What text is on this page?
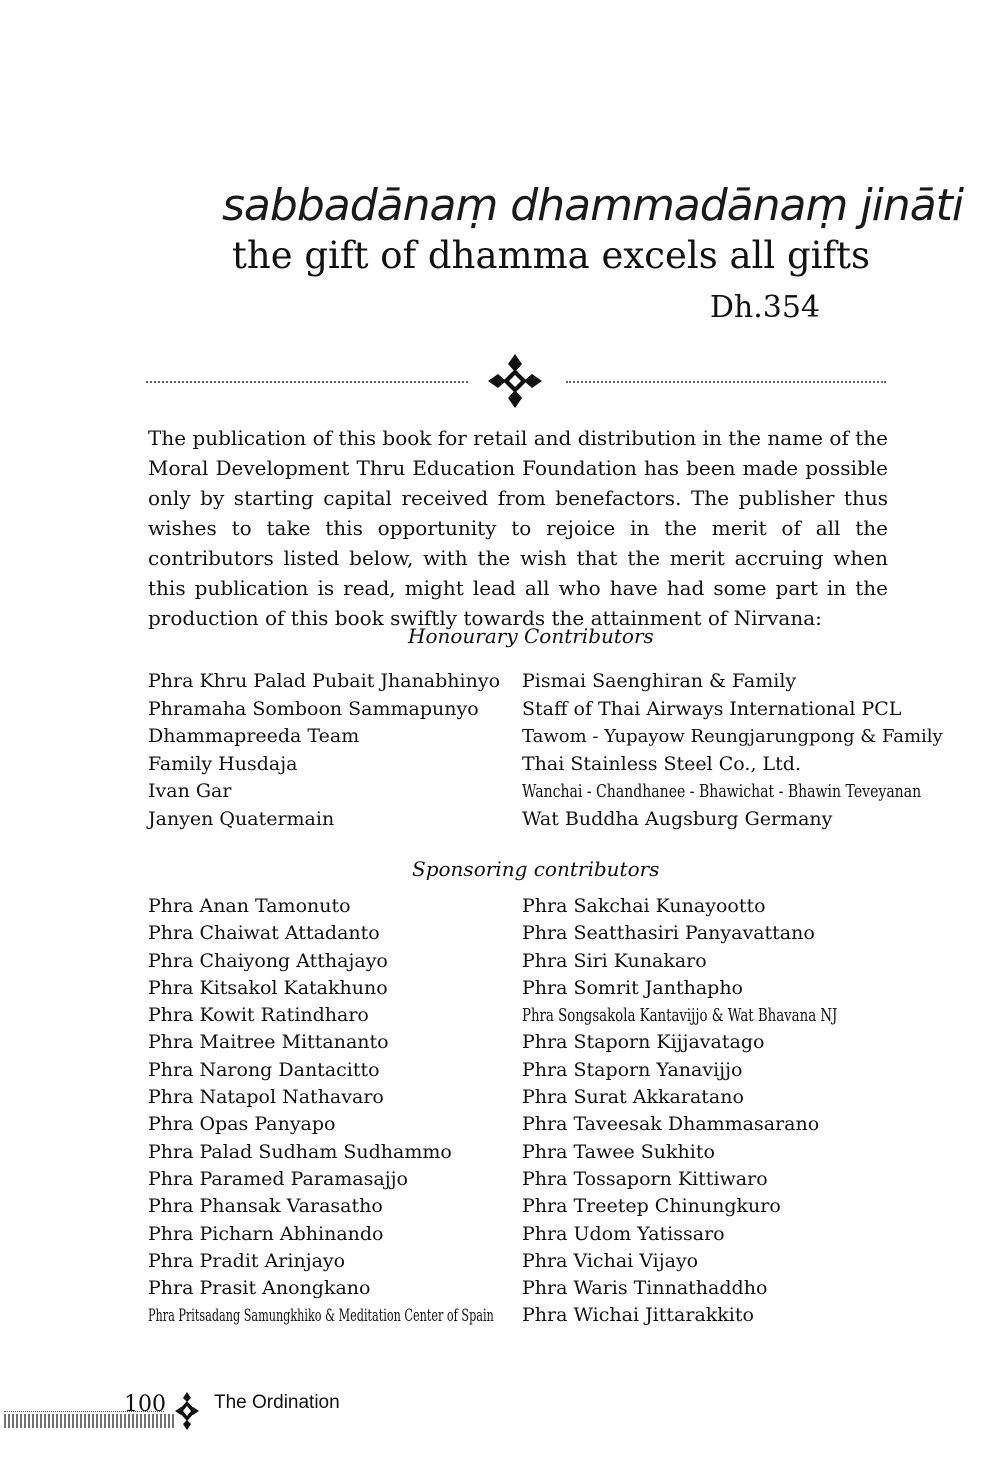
sabbadānaṃ dhammadānaṃ jināti
the gift of dhamma excels all gifts
Dh.354

The publication of this book for retail and distribution in the name of the Moral Development Thru Education Foundation has been made possible only by starting capital received from benefactors. The publisher thus wishes to take this opportunity to rejoice in the merit of all the contributors listed below, with the wish that the merit accruing when this publication is read, might lead all who have had some part in the production of this book swiftly towards the attainment of Nirvana:

Honourary Contributors
Phra Khru Palad Pubait Jhanabhinyo
Phramaha Somboon Sammapunyo
Dhammapreeda Team
Family Husdaja
Ivan Gar
Janyen Quatermain
Pismai Saenghiran & Family
Staff of Thai Airways International PCL
Tawom - Yupayow Reungjarungpong & Family
Thai Stainless Steel Co., Ltd.
Wanchai - Chandhanee - Bhawichat - Bhawin Teveyanan
Wat Buddha Augsburg Germany
Sponsoring contributors
Phra Anan Tamonuto
Phra Chaiwat Attadanto
Phra Chaiyong Atthajayo
Phra Kitsakol Katakhuno
Phra Kowit Ratindharo
Phra Maitree Mittananto
Phra Narong Dantacitto
Phra Natapol Nathavaro
Phra Opas Panyapo
Phra Palad Sudham Sudhammo
Phra Paramed Paramasajjo
Phra Phansak Varasatho
Phra Picharn Abhinando
Phra Pradit Arinjayo
Phra Prasit Anongkano
Phra Pritsadang Samungkhiko & Meditation Center of Spain
Phra Sakchai Kunayootto
Phra Seatthasiri Panyavattano
Phra Siri Kunakaro
Phra Somrit Janthapho
Phra Songsakola Kantavijjo & Wat Bhavana NJ
Phra Staporn Kijjavatago
Phra Staporn Yanavijjo
Phra Surat Akkaratano
Phra Taveesak Dhammasarano
Phra Tawee Sukhito
Phra Tossaporn Kittiwaro
Phra Treetep Chinungkuro
Phra Udom Yatissaro
Phra Vichai Vijayo
Phra Waris Tinnathaddho
Phra Wichai Jittarakkito
100	The Ordination
